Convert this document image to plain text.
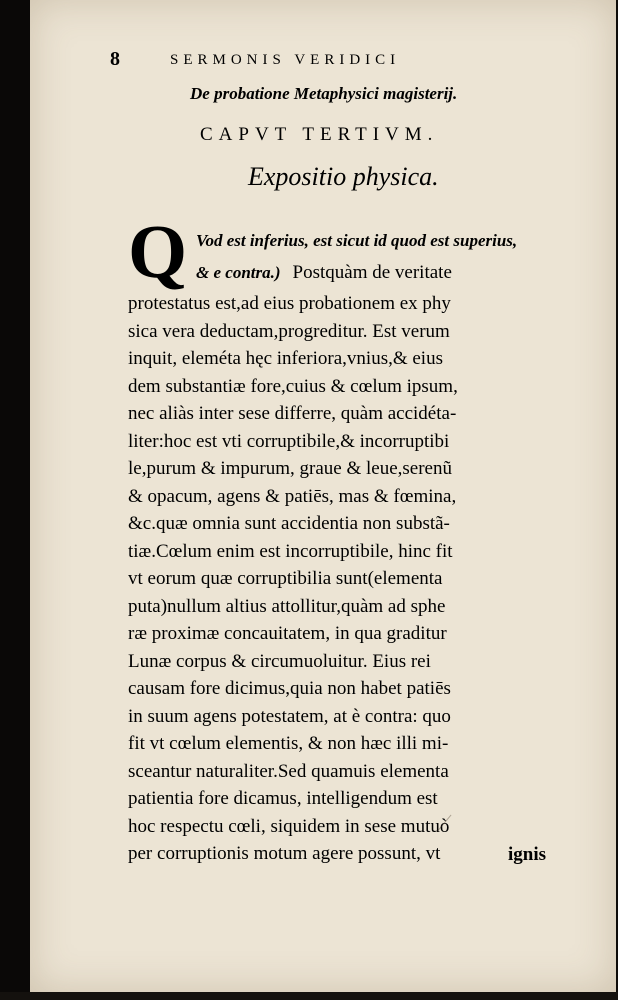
8	SERMONIS VERIDICI
De probatione Metaphysici magisterij.
CAPVT TERTIVM.
Expositio physica.
Q Vod est inferius, est sicut id quod est superius,
& e contra.) Postquàm de veritate
protestatus est,ad eius probationem ex phy
sica vera deductam,progreditur. Est verum
inquit, eleméta hęc inferiora,vnius,& eius
dem substantiæ fore,cuius & cœlum ipsum,
nec aliàs inter sese differre, quàm accidéta-
liter:hoc est vti corruptibile,& incorruptibi
le,purum & impurum, graue & leue,serenũ
& opacum, agens & patiēs, mas & fœmina,
&c.quæ omnia sunt accidentia non substã-
tiæ.Cœlum enim est incorruptibile, hinc fit
vt eorum quæ corruptibilia sunt(elementa
puta)nullum altius attollitur,quàm ad sphe
ræ proximæ concauitatem, in qua graditur
Lunæ corpus & circumuoluitur. Eius rei
causam fore dicimus,quia non habet patiēs
in suum agens potestatem, at è contra: quo
fit vt cœlum elementis, & non hæc illi mi-
sceantur naturaliter.Sed quamuis elementa
patientia fore dicamus, intelligendum est
hoc respectu cœli, siquidem in sese mutuò
per corruptionis motum agere possunt, vt	ignis
